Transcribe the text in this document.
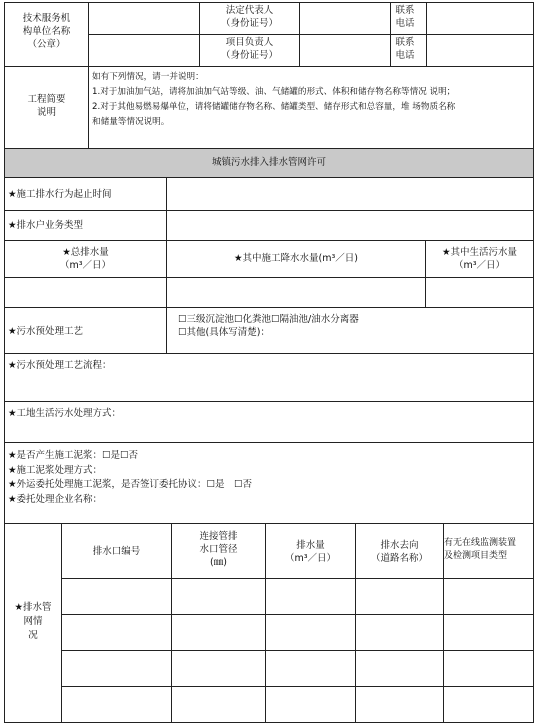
技术服务机
构单位名称
（公章）
法定代表人
（身份证号）
联系
电话
项目负责人
（身份证号）
联系
电话
工程简要
说明
如有下列情况，请一并说明：
1.对于加油加气站，请将加油加气站等级、油、气储罐的形式、体积和储存物名称等情况 说明；
2.对于其他易燃易爆单位，请将储罐储存物名称、储罐类型、储存形式和总容量，堆 场物质名称
和储量等情况说明。
城镇污水排入排水管网许可
★施工排水行为起止时间
★排水户业务类型
★总排水量
（m³／日）
★其中施工降水水量(m³／日)
★其中生活污水量
（m³／日）
★污水预处理工艺
☐三级沉淀池☐化粪池☐隔油池/油水分离器
☐其他(具体写清楚)：
★污水预处理工艺流程：
★工地生活污水处理方式：
★是否产生施工泥浆：☐是☐否
★施工泥浆处理方式：
★外运委托处理施工泥浆，是否签订委托协议：☐是　☐否
★委托处理企业名称：
★排水管
网情
况
排水口编号
连接管排
水口管径
(㎜)
排水量
（m³／日）
排水去向
（道路名称）
有无在线监测装置
及检测项目类型
